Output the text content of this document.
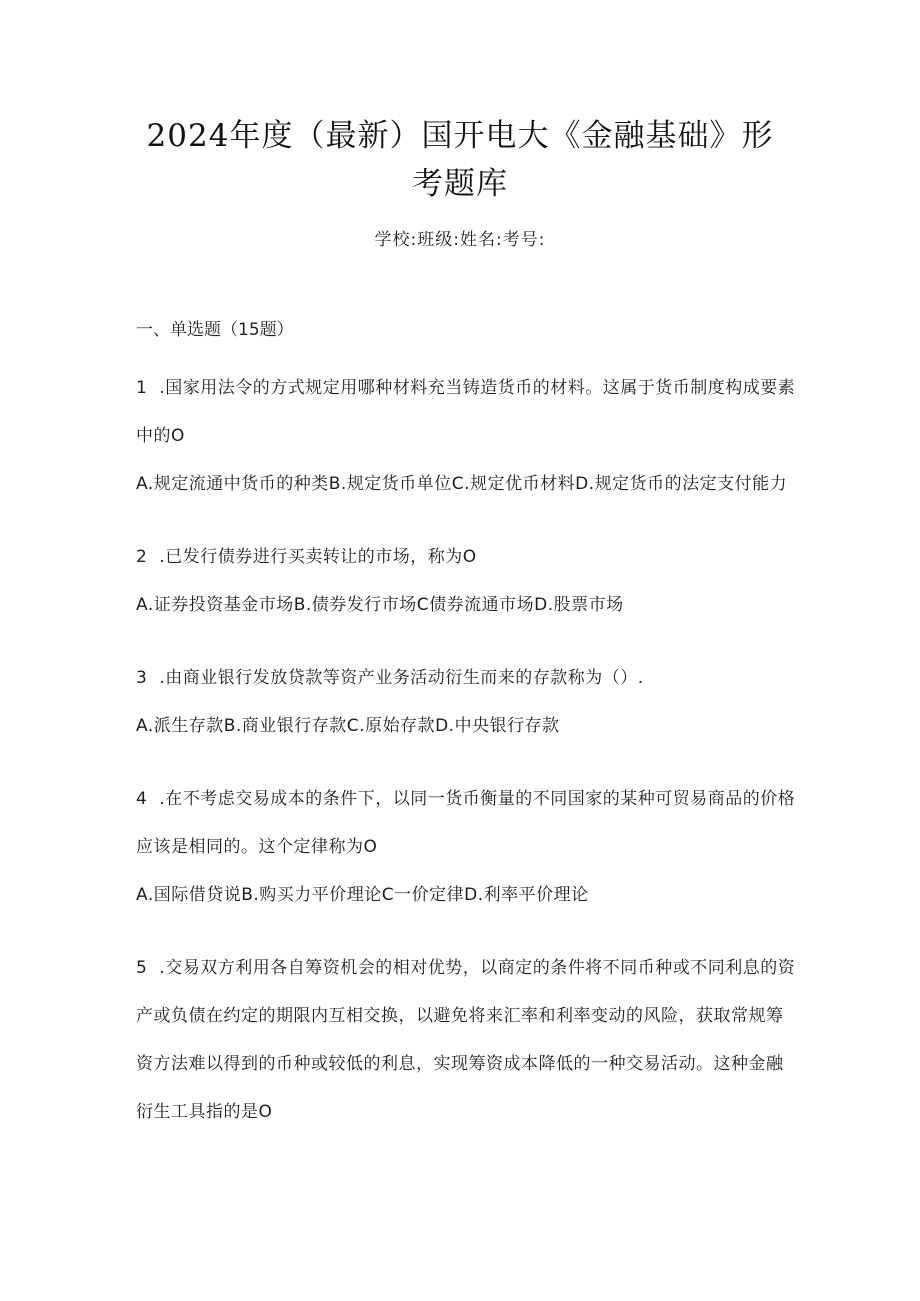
2024年度（最新）国开电大《金融基础》形
考题库
学校:班级:姓名:考号:
一、单选题（15题）

1 .国家用法令的方式规定用哪种材料充当铸造货币的材料。这属于货币制度构成要素中的O

A.规定流通中货币的种类B.规定货币单位C.规定优币材料D.规定货币的法定支付能力

2 .已发行债券进行买卖转让的市场，称为O

A.证券投资基金市场B.债券发行市场C债券流通市场D.股票市场

3 .由商业银行发放贷款等资产业务活动衍生而来的存款称为（）.

A.派生存款B.商业银行存款C.原始存款D.中央银行存款

4 .在不考虑交易成本的条件下，以同一货币衡量的不同国家的某种可贸易商品的价格应该是相同的。这个定律称为O

A.国际借贷说B.购买力平价理论C一价定律D.利率平价理论

5 .交易双方利用各自筹资机会的相对优势，以商定的条件将不同币种或不同利息的资产或负债在约定的期限内互相交换，以避免将来汇率和利率变动的风险，获取常规筹资方法难以得到的币种或较低的利息，实现筹资成本降低的一种交易活动。这种金融衍生工具指的是O
